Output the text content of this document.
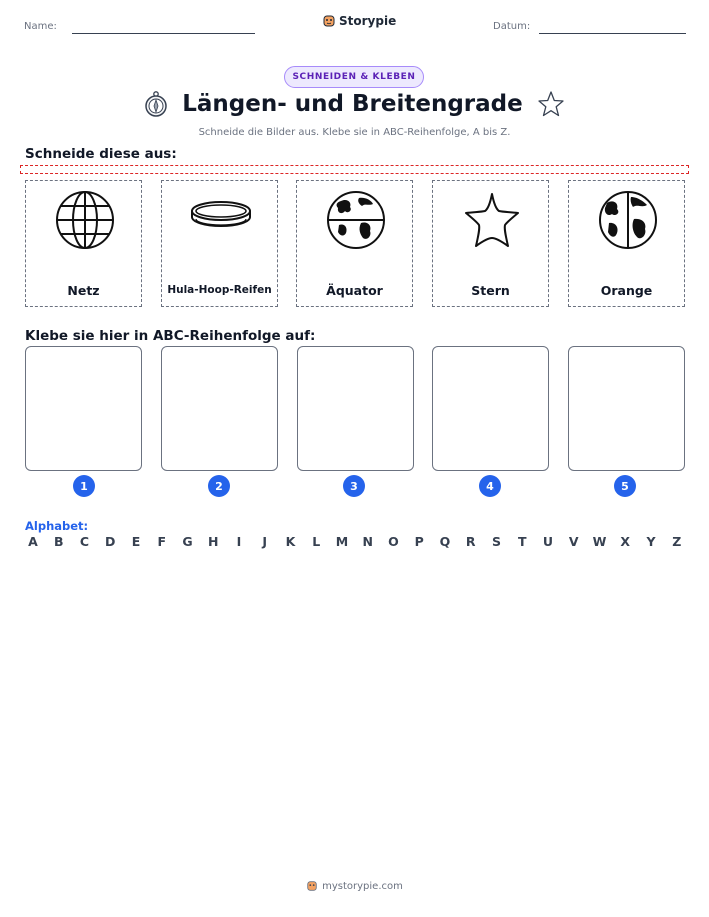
Name:	Storypie	Datum:
SCHNEIDEN & KLEBEN
Längen- und Breitengrade
Schneide die Bilder aus. Klebe sie in ABC-Reihenfolge, A bis Z.
Schneide diese aus:
Netz	Hula-Hoop-Reifen	Äquator	Stern	Orange
Klebe sie hier in ABC-Reihenfolge auf:
1	2	3	4	5
Alphabet:
A B C D E F G H	I	J	K	L	M N O P Q R S T U V W X Y Z
mystorypie.com
